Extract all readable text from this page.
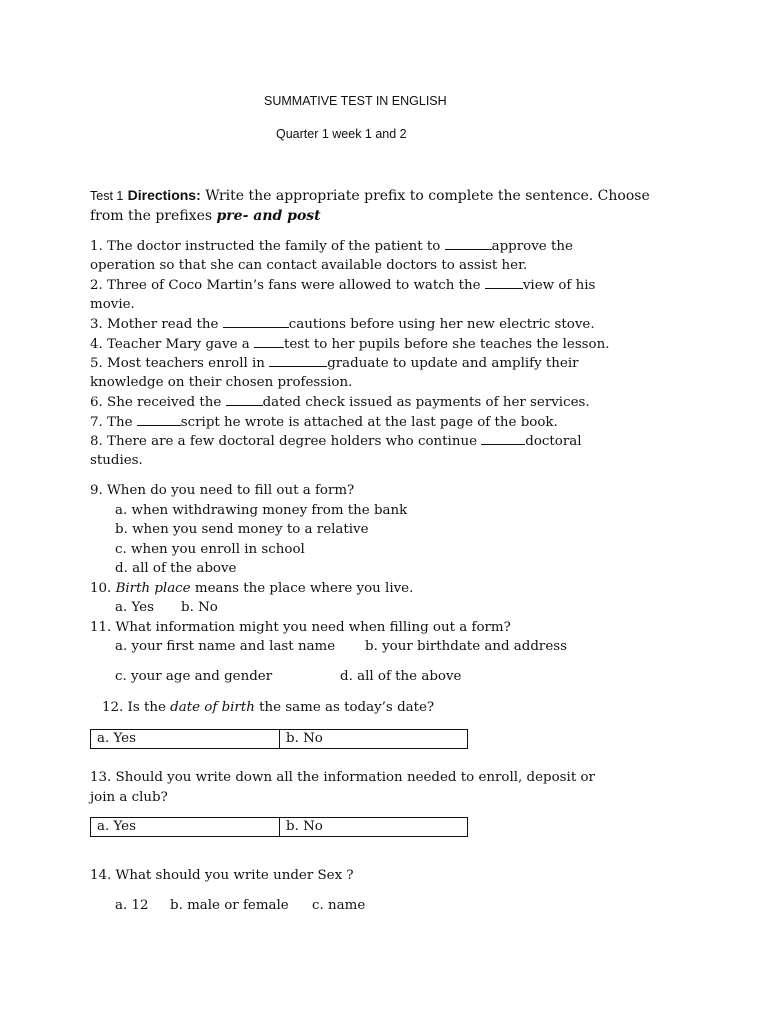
SUMMATIVE TEST IN ENGLISH
Quarter 1 week 1 and 2
Test 1 Directions: Write the appropriate prefix to complete the sentence. Choose
from the prefixes pre- and post
1. The doctor instructed the family of the patient to	approve the
operation so that she can contact available doctors to assist her.
2. Three of Coco Martin’s fans were allowed to watch the	view of his
movie.
3. Mother read the	cautions before using her new electric stove.
4. Teacher Mary gave a test to her pupils before she teaches the lesson.
5. Most teachers enroll in	graduate to update and amplify their
knowledge on their chosen profession.
6. She received the	dated check issued as payments of her services.
7. The	script he wrote is attached at the last page of the book.
8. There are a few doctoral degree holders who continue	doctoral
studies.
9. When do you need to fill out a form?
a. when withdrawing money from the bank
b. when you send money to a relative
c. when you enroll in school
d. all of the above
10. Birth place means the place where you live.
a. Yes b. No
11. What information might you need when filling out a form?
a. your first name and last name b. your birthdate and address
c. your age and gender	d. all of the above
12. Is the date of birth the same as today’s date?
a. Yes	b. No
13. Should you write down all the information needed to enroll, deposit or
join a club?
a. Yes	b. No
14. What should you write under Sex ?
a. 12 b. male or female c. name
